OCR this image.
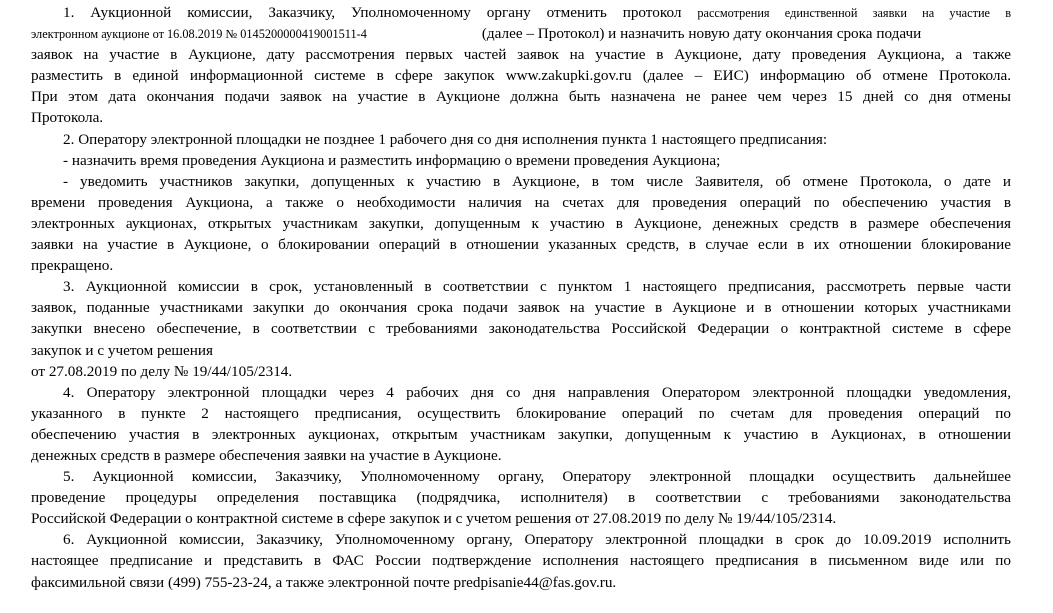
1. Аукционной комиссии, Заказчику, Уполномоченному органу отменить протокол рассмотрения единственной заявки на участие в
электронном аукционе от 16.08.2019 № 0145200000419001511-4	(далее – Протокол) и назначить новую дату окончания срока подачи
заявок на участие в Аукционе, дату рассмотрения первых частей заявок на участие в Аукционе, дату проведения Аукциона, а также
разместить в единой информационной системе в сфере закупок www.zakupki.gov.ru (далее – ЕИС) информацию об отмене Протокола.
При этом дата окончания подачи заявок на участие в Аукционе должна быть назначена не ранее чем через 15 дней со дня отмены
Протокола.
2. Оператору электронной площадки не позднее 1 рабочего дня со дня исполнения пункта 1 настоящего предписания:
- назначить время проведения Аукциона и разместить информацию о времени проведения Аукциона;
- уведомить участников закупки, допущенных к участию в Аукционе, в том числе Заявителя, об отмене Протокола, о дате и
времени проведения Аукциона, а также о необходимости наличия на счетах для проведения операций по обеспечению участия в
электронных аукционах, открытых участникам закупки, допущенным к участию в Аукционе, денежных средств в размере обеспечения
заявки на участие в Аукционе, о блокировании операций в отношении указанных средств, в случае если в их отношении блокирование
прекращено.
3. Аукционной комиссии в срок, установленный в соответствии с пунктом 1 настоящего предписания, рассмотреть первые части
заявок, поданные участниками закупки до окончания срока подачи заявок на участие в Аукционе и в отношении которых участниками
закупки внесено обеспечение, в соответствии с требованиями законодательства Российской Федерации о контрактной системе в сфере
закупок и с учетом решения
от 27.08.2019 по делу № 19/44/105/2314.
4. Оператору электронной площадки через 4 рабочих дня со дня направления Оператором электронной площадки уведомления,
указанного в пункте 2 настоящего предписания, осуществить блокирование операций по счетам для проведения операций по
обеспечению участия в электронных аукционах, открытым участникам закупки, допущенным к участию в Аукционах, в отношении
денежных средств в размере обеспечения заявки на участие в Аукционе.
5. Аукционной комиссии, Заказчику, Уполномоченному органу, Оператору электронной площадки осуществить дальнейшее
проведение процедуры определения поставщика (подрядчика, исполнителя) в соответствии с требованиями законодательства
Российской Федерации о контрактной системе в сфере закупок и с учетом решения от 27.08.2019 по делу № 19/44/105/2314.
6. Аукционной комиссии, Заказчику, Уполномоченному органу, Оператору электронной площадки в срок до 10.09.2019 исполнить
настоящее предписание и представить в ФАС России подтверждение исполнения настоящего предписания в письменном виде или по
факсимильной связи (499) 755-23-24, а также электронной почте predpisanie44@fas.gov.ru.
